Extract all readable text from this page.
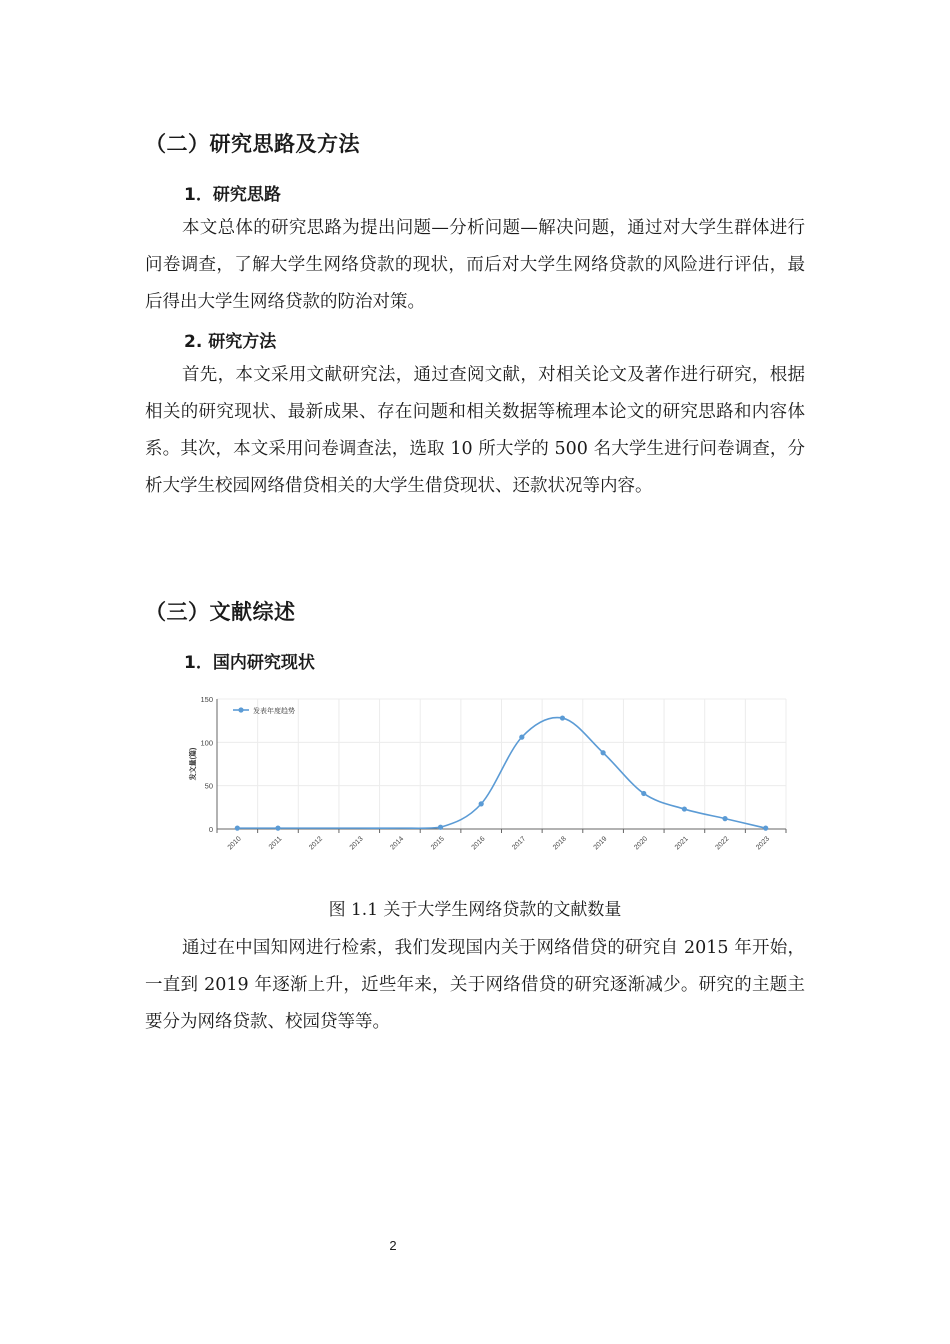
（二）研究思路及方法
1．研究思路

本文总体的研究思路为提出问题—分析问题—解决问题，通过对大学生群体进行问卷调查，了解大学生网络贷款的现状，而后对大学生网络贷款的风险进行评估，最后得出大学生网络贷款的防治对策。

2. 研究方法

首先，本文采用文献研究法，通过查阅文献，对相关论文及著作进行研究，根据相关的研究现状、最新成果、存在问题和相关数据等梳理本论文的研究思路和内容体系。其次，本文采用问卷调查法，选取 10 所大学的 500 名大学生进行问卷调查，分析大学生校园网络借贷相关的大学生借贷现状、还款状况等内容。

（三）文献综述
1．国内研究现状
0
50
100
150
发文量(篇)
2010	2011	2012	2013	2014	2015	2016	2017	2018	2019	2020	2021	2022	2023
发表年度趋势
图 1.1 关于大学生网络贷款的文献数量

通过在中国知网进行检索，我们发现国内关于网络借贷的研究自 2015 年开始，一直到 2019 年逐渐上升，近些年来，关于网络借贷的研究逐渐减少。研究的主题主要分为网络贷款、校园贷等等。

2
